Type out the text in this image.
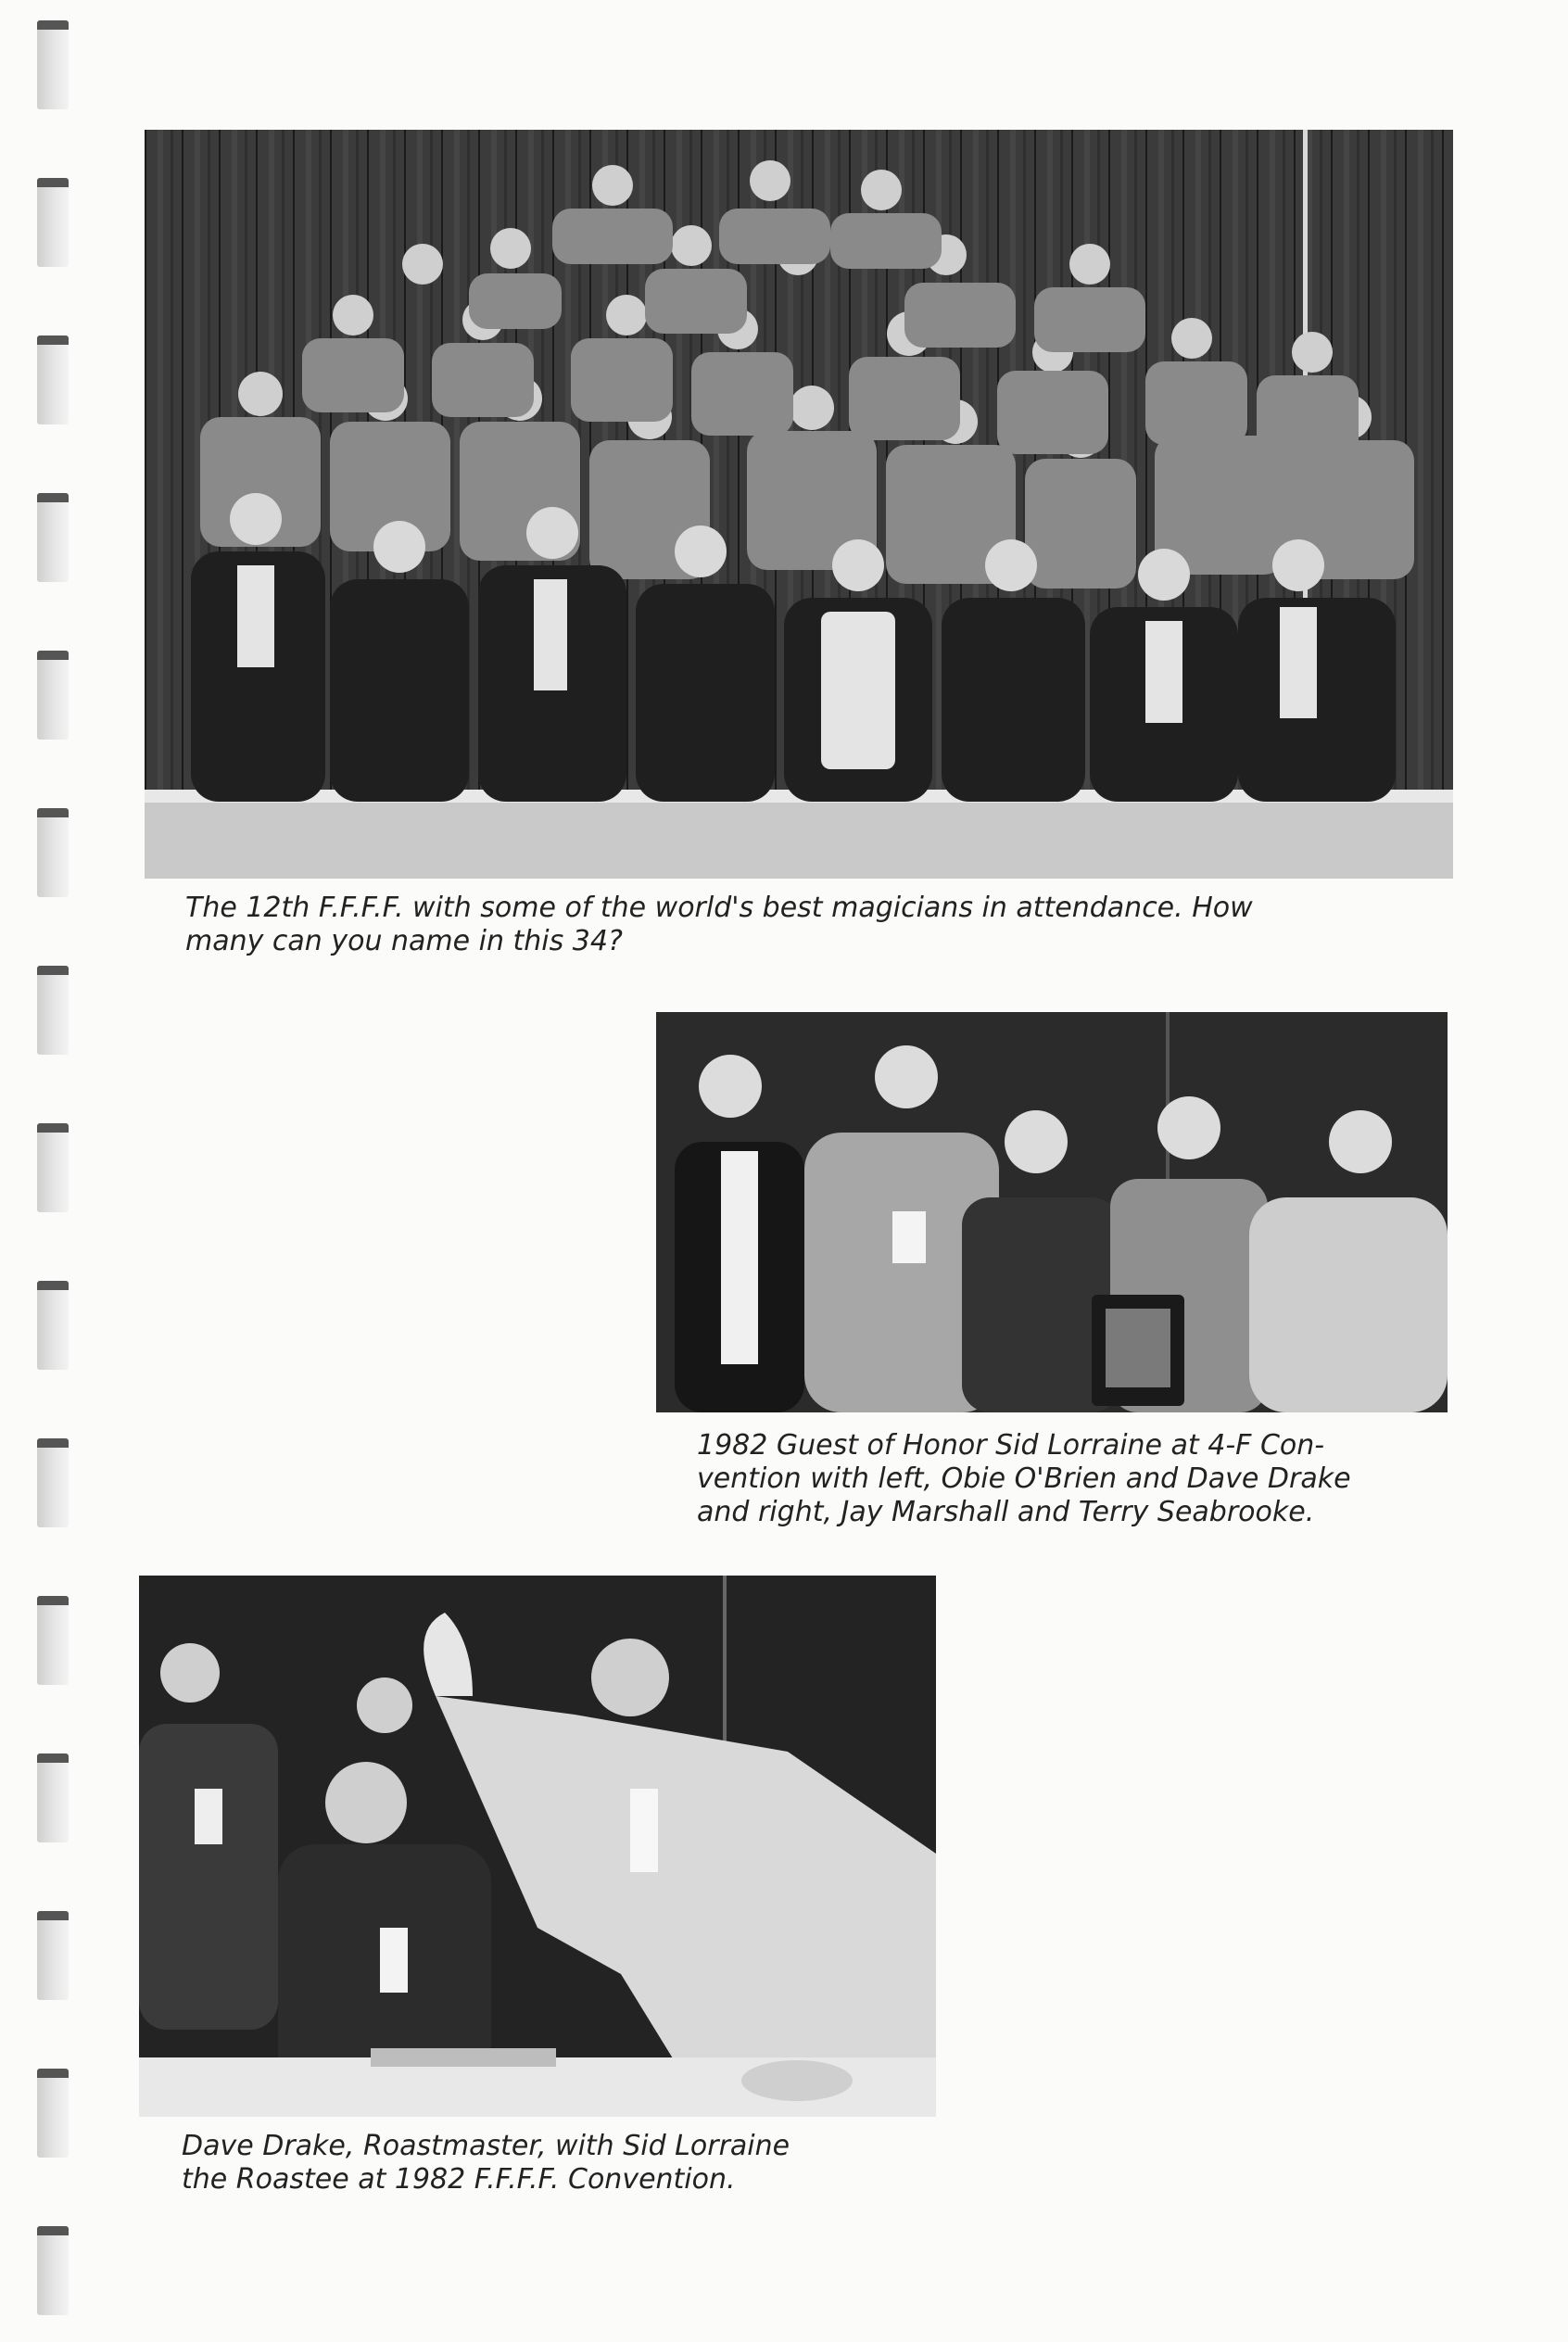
The 12th F.F.F.F. with some of the world's best magicians in attendance. How
many can you name in this 34?

1982 Guest of Honor Sid Lorraine at 4-F Con-
vention with left, Obie O'Brien and Dave Drake
and right, Jay Marshall and Terry Seabrooke.

Dave Drake, Roastmaster, with Sid Lorraine
the Roastee at 1982 F.F.F.F. Convention.
